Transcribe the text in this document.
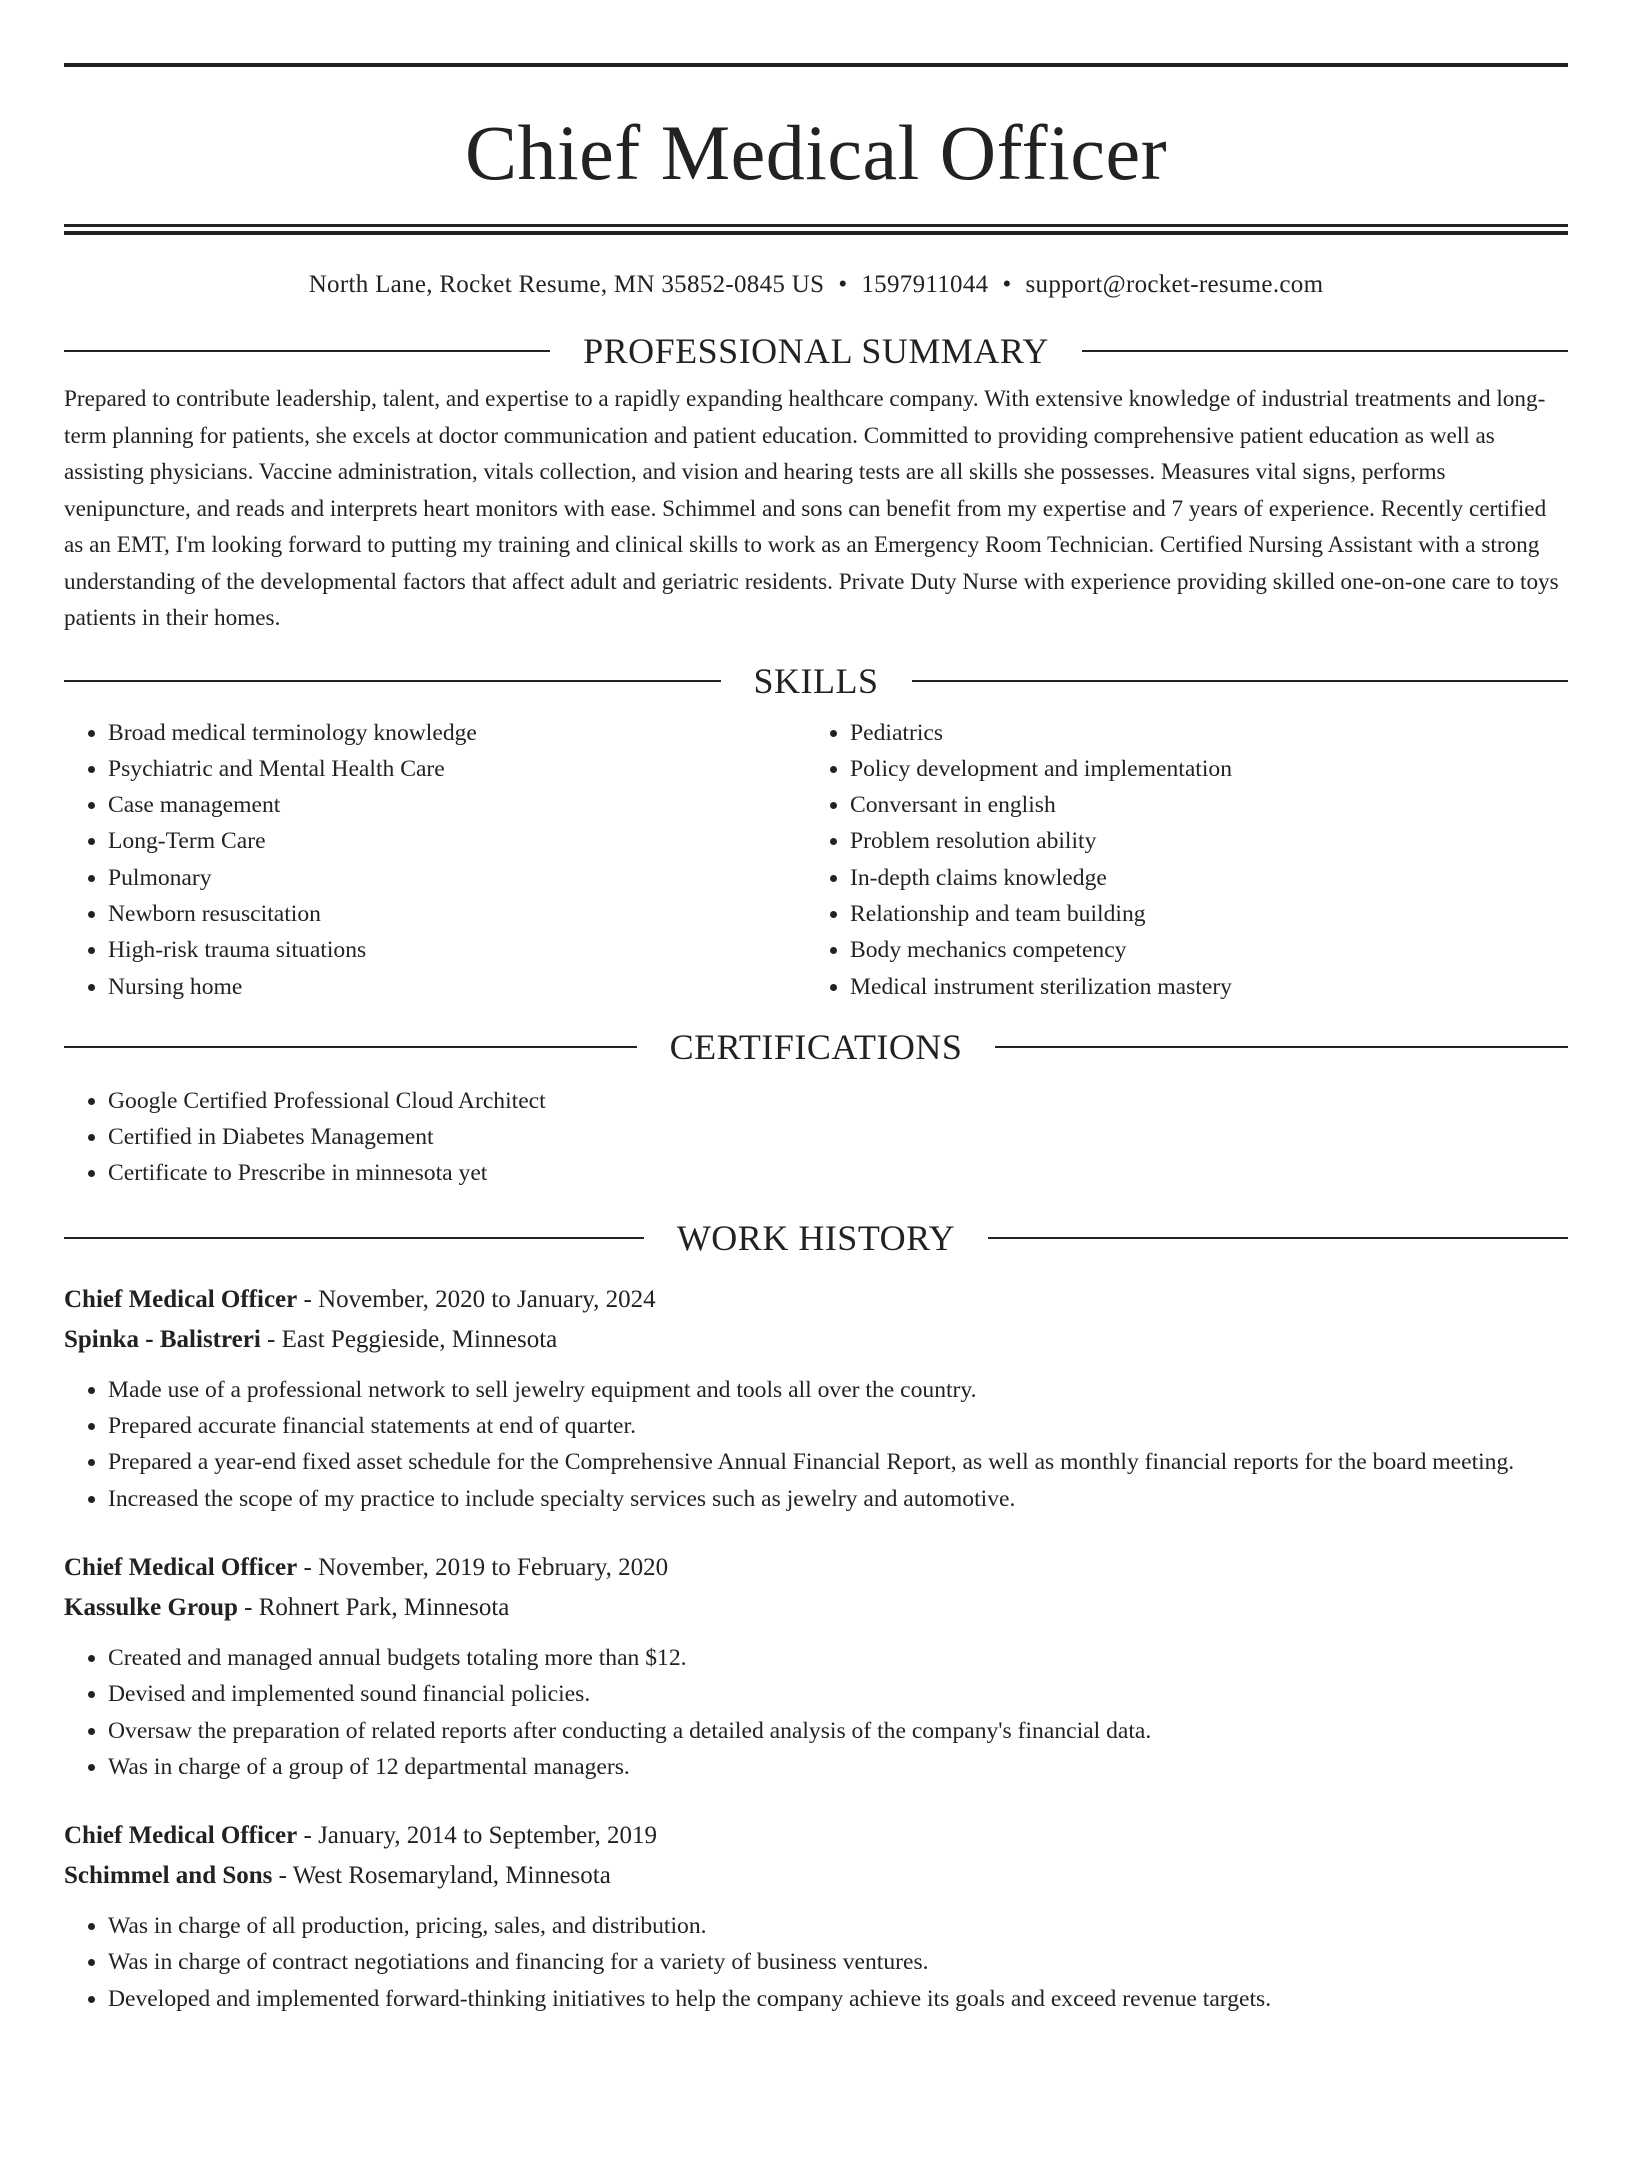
Chief Medical Officer
North Lane, Rocket Resume, MN 35852-0845 US • 1597911044 • support@rocket-resume.com
PROFESSIONAL SUMMARY
Prepared to contribute leadership, talent, and expertise to a rapidly expanding healthcare company. With extensive knowledge of industrial treatments and long-term planning for patients, she excels at doctor communication and patient education. Committed to providing comprehensive patient education as well as assisting physicians. Vaccine administration, vitals collection, and vision and hearing tests are all skills she possesses. Measures vital signs, performs venipuncture, and reads and interprets heart monitors with ease. Schimmel and sons can benefit from my expertise and 7 years of experience. Recently certified as an EMT, I'm looking forward to putting my training and clinical skills to work as an Emergency Room Technician. Certified Nursing Assistant with a strong understanding of the developmental factors that affect adult and geriatric residents. Private Duty Nurse with experience providing skilled one-on-one care to toys patients in their homes.
SKILLS
• Broad medical terminology knowledge
• Psychiatric and Mental Health Care
• Case management
• Long-Term Care
• Pulmonary
• Newborn resuscitation
• High-risk trauma situations
• Nursing home
• Pediatrics
• Policy development and implementation
• Conversant in english
• Problem resolution ability
• In-depth claims knowledge
• Relationship and team building
• Body mechanics competency
• Medical instrument sterilization mastery
CERTIFICATIONS
• Google Certified Professional Cloud Architect
• Certified in Diabetes Management
• Certificate to Prescribe in minnesota yet
WORK HISTORY
Chief Medical Officer - November, 2020 to January, 2024
Spinka - Balistreri - East Peggieside, Minnesota
• Made use of a professional network to sell jewelry equipment and tools all over the country.
• Prepared accurate financial statements at end of quarter.
• Prepared a year-end fixed asset schedule for the Comprehensive Annual Financial Report, as well as monthly financial reports for the board meeting.
• Increased the scope of my practice to include specialty services such as jewelry and automotive.
Chief Medical Officer - November, 2019 to February, 2020
Kassulke Group - Rohnert Park, Minnesota
• Created and managed annual budgets totaling more than $12.
• Devised and implemented sound financial policies.
• Oversaw the preparation of related reports after conducting a detailed analysis of the company's financial data.
• Was in charge of a group of 12 departmental managers.
Chief Medical Officer - January, 2014 to September, 2019
Schimmel and Sons - West Rosemaryland, Minnesota
• Was in charge of all production, pricing, sales, and distribution.
• Was in charge of contract negotiations and financing for a variety of business ventures.
• Developed and implemented forward-thinking initiatives to help the company achieve its goals and exceed revenue targets.
